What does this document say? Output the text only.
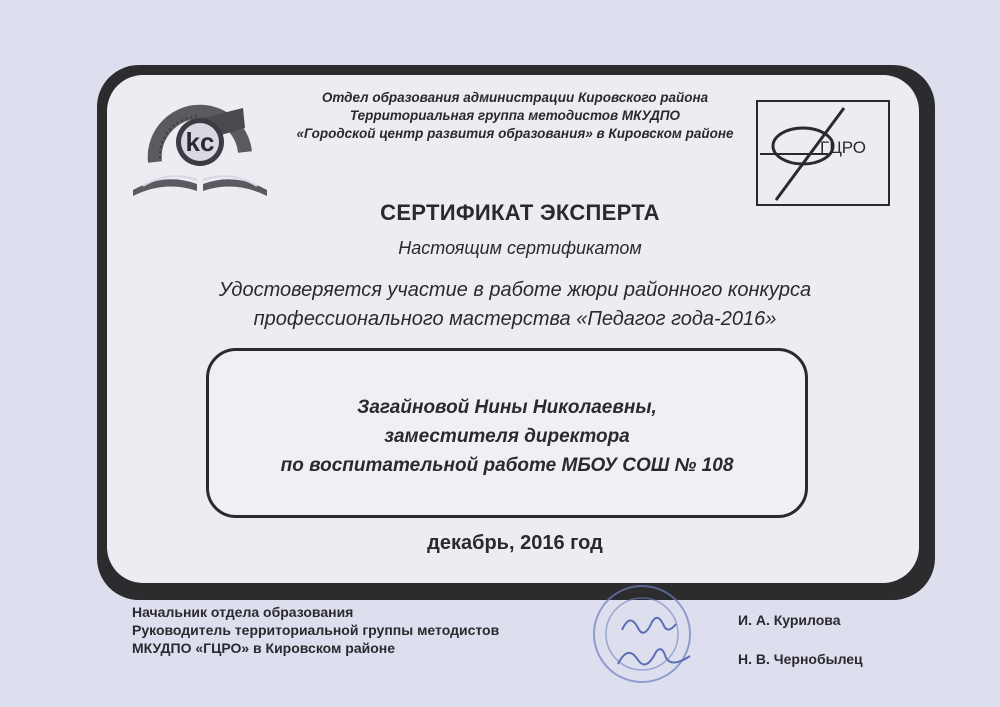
kc	ГЦРО
Отдел образования администрации Кировского района
Территориальная группа методистов МКУДПО
«Городской центр развития образования» в Кировском районе
СЕРТИФИКАТ ЭКСПЕРТА
Настоящим сертификатом
Удостоверяется участие в работе жюри районного конкурса
профессионального мастерства «Педагог года-2016»
Загайновой Нины Николаевны,
заместителя директора
по воспитательной работе МБОУ СОШ № 108
декабрь, 2016 год
Начальник отдела образования
Руководитель территориальной группы методистов
МКУДПО «ГЦРО» в Кировском районе
И. А. Курилова
Н. В. Чернобылец
